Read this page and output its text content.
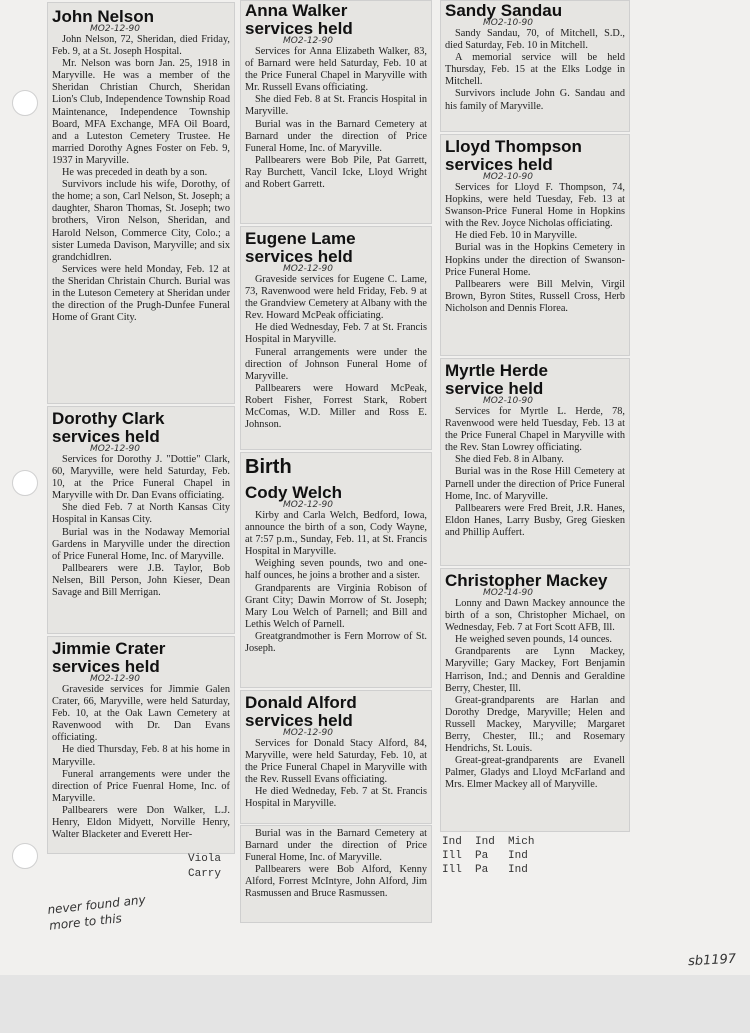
John Nelson
MO2-12-90

John Nelson, 72, Sheridan, died Friday, Feb. 9, at a St. Joseph Hospital.

Mr. Nelson was born Jan. 25, 1918 in Maryville. He was a member of the Sheridan Christian Church, Sheridan Lion's Club, Independence Township Road Maintenance, Independence Township Board, MFA Exchange, MFA Oil Board, and a Luteston Cemetery Trustee. He married Dorothy Agnes Foster on Feb. 9, 1937 in Maryville.

He was preceded in death by a son.

Survivors include his wife, Dorothy, of the home; a son, Carl Nelson, St. Joseph; a daughter, Sharon Thomas, St. Joseph; two brothers, Viron Nelson, Sheridan, and Harold Nelson, Commerce City, Colo.; a sister Lumeda Davison, Maryville; and six grandchidlren.

Services were held Monday, Feb. 12 at the Sheridan Christain Church. Burial was in the Luteson Cemetery at Sheridan under the direction of the Prugh-Dunfee Funeral Home of Grant City.

Dorothy Clark services held
MO2-12-90

Services for Dorothy J. "Dottie" Clark, 60, Maryville, were held Saturday, Feb. 10, at the Price Funeral Chapel in Maryville with Dr. Dan Evans officiating.

She died Feb. 7 at North Kansas City Hospital in Kansas City.

Burial was in the Nodaway Memorial Gardens in Maryville under the direction of Price Funeral Home, Inc. of Maryville.

Pallbearers were J.B. Taylor, Bob Nelsen, Bill Person, John Kieser, Dean Savage and Bill Merrigan.

Jimmie Crater services held
MO2-12-90

Graveside services for Jimmie Galen Crater, 66, Maryville, were held Saturday, Feb. 10, at the Oak Lawn Cemetery at Ravenwood with Dr. Dan Evans officiating.

He died Thursday, Feb. 8 at his home in Maryville.

Funeral arrangements were under the direction of Price Fuenral Home, Inc. of Maryville.

Pallbearers were Don Walker, L.J. Henry, Eldon Midyett, Norville Henry, Walter Blacketer and Everett Her-

Anna Walker services held
MO2-12-90

Services for Anna Elizabeth Walker, 83, of Barnard were held Saturday, Feb. 10 at the Price Funeral Chapel in Maryville with Mr. Russell Evans officiating.

She died Feb. 8 at St. Francis Hospital in Maryville.

Burial was in the Barnard Cemetery at Barnard under the direction of Price Funeral Home, Inc. of Maryville.

Pallbearers were Bob Pile, Pat Garrett, Ray Burchett, Vancil Icke, Lloyd Wright and Robert Garrett.

Eugene Lame services held
MO2-12-90

Graveside services for Eugene C. Lame, 73, Ravenwood were held Friday, Feb. 9 at the Grandview Cemetery at Albany with the Rev. Howard McPeak officiating.

He died Wednesday, Feb. 7 at St. Francis Hospital in Maryville.

Funeral arrangements were under the direction of Johnson Funeral Home of Maryville.

Pallbearers were Howard McPeak, Robert Fisher, Forrest Stark, Robert McComas, W.D. Miller and Ross E. Johnson.

Birth
Cody Welch
MO2-12-90

Kirby and Carla Welch, Bedford, Iowa, announce the birth of a son, Cody Wayne, at 7:57 p.m., Sunday, Feb. 11, at St. Francis Hospital in Maryville.

Weighing seven pounds, two and one-half ounces, he joins a brother and a sister.

Grandparents are Virginia Robison of Grant City; Dawin Morrow of St. Joseph; Mary Lou Welch of Parnell; and Bill and Lethis Welch of Parnell.

Greatgrandmother is Fern Morrow of St. Joseph.

Donald Alford services held
MO2-12-90

Services for Donald Stacy Alford, 84, Maryville, were held Saturday, Feb. 10, at the Price Funeral Chapel in Maryville with the Rev. Russell Evans officiating.

He died Wedneday, Feb. 7 at St. Francis Hospital in Maryville.

Burial was in the Barnard Cemetery at Barnard under the direction of Price Funeral Home, Inc. of Maryville.

Pallbearers were Bob Alford, Kenny Alford, Forrest McIntyre, John Alford, Jim Rasmussen and Bruce Rasmussen.

Sandy Sandau
MO2-10-90

Sandy Sandau, 70, of Mitchell, S.D., died Saturday, Feb. 10 in Mitchell.

A memorial service will be held Thursday, Feb. 15 at the Elks Lodge in Mitchell.

Survivors include John G. Sandau and his family of Maryville.

Lloyd Thompson services held
MO2-10-90

Services for Lloyd F. Thompson, 74, Hopkins, were held Tuesday, Feb. 13 at Swanson-Price Funeral Home in Hopkins with the Rev. Joyce Nicholas officiating.

He died Feb. 10 in Maryville.

Burial was in the Hopkins Cemetery in Hopkins under the direction of Swanson-Price Funeral Home.

Pallbearers were Bill Melvin, Virgil Brown, Byron Stites, Russell Cross, Herb Nicholson and Dennis Florea.

Myrtle Herde service held
MO2-10-90

Services for Myrtle L. Herde, 78, Ravenwood were held Tuesday, Feb. 13 at the Price Funeral Chapel in Maryville with the Rev. Stan Lowrey officiating.

She died Feb. 8 in Albany.

Burial was in the Rose Hill Cemetery at Parnell under the direction of Price Funeral Home, Inc. of Maryville.

Pallbearers were Fred Breit, J.R. Hanes, Eldon Hanes, Larry Busby, Greg Giesken and Phillip Auffert.

Christopher Mackey
MO2-14-90

Lonny and Dawn Mackey announce the birth of a son, Christopher Michael, on Wednesday, Feb. 7 at Fort Scott AFB, Ill.

He weighed seven pounds, 14 ounces.

Grandparents are Lynn Mackey, Maryville; Gary Mackey, Fort Benjamin Harrison, Ind.; and Dennis and Geraldine Berry, Chester, Ill.

Great-grandparents are Harlan and Dorothy Dredge, Maryville; Helen and Russell Mackey, Maryville; Margaret Berry, Chester, Ill.; and Rosemary Hendrichs, St. Louis.

Great-great-grandparents are Evanell Palmer, Gladys and Lloyd McFarland and Mrs. Elmer Mackey all of Maryville.

Viola
Carry
Ind  Ind  Mich
Ill  Pa   Ind
Ill  Pa   Ind
never found any more to this
sb1197
